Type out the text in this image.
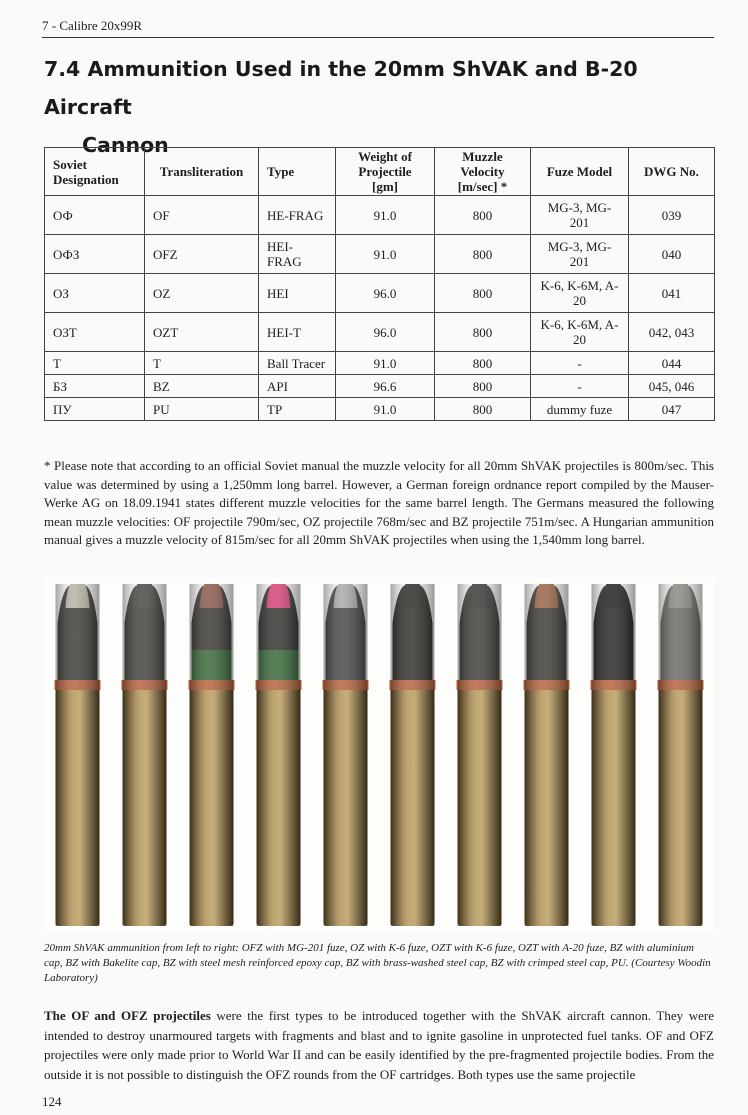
7 - Calibre 20x99R
7.4 Ammunition Used in the 20mm ShVAK and B-20 Aircraft
Cannon
Soviet Designation	Transliteration	Type	Weight of Projectile [gm]	Muzzle Velocity [m/sec] *	Fuze Model	DWG No.
ОФ	OF	HE-FRAG	91.0	800	MG-3, MG-201	039
ОФЗ	OFZ	HEI-FRAG	91.0	800	MG-3, MG-201	040
ОЗ	OZ	HEI	96.0	800	K-6, K-6M, A-20	041
ОЗТ	OZT	HEI-T	96.0	800	K-6, K-6M, A-20	042, 043
Т	T	Ball Tracer	91.0	800	-	044
БЗ	BZ	API	96.6	800	-	045, 046
ПУ	PU	TP	91.0	800	dummy fuze	047
* Please note that according to an official Soviet manual the muzzle velocity for all 20mm ShVAK projectiles is 800m/sec. This value was determined by using a 1,250mm long barrel. However, a German foreign ordnance report compiled by the Mauser-Werke AG on 18.09.1941 states different muzzle velocities for the same barrel length. The Germans measured the following mean muzzle velocities: OF projectile 790m/sec, OZ projectile 768m/sec and BZ projectile 751m/sec. A Hungarian ammunition manual gives a muzzle velocity of 815m/sec for all 20mm ShVAK projectiles when using the 1,540mm long barrel.
20mm ShVAK ammunition from left to right: OFZ with MG-201 fuze, OZ with K-6 fuze, OZT with K-6 fuze, OZT with A-20 fuze, BZ with aluminium cap, BZ with Bakelite cap, BZ with steel mesh reinforced epoxy cap, BZ with brass-washed steel cap, BZ with crimped steel cap, PU. (Courtesy Woodin Laboratory)
The OF and OFZ projectiles were the first types to be introduced together with the ShVAK aircraft cannon. They were intended to destroy unarmoured targets with fragments and blast and to ignite gasoline in unprotected fuel tanks. OF and OFZ projectiles were only made prior to World War II and can be easily identified by the pre-fragmented projectile bodies. From the outside it is not possible to distinguish the OFZ rounds from the OF cartridges. Both types use the same projectile
124
